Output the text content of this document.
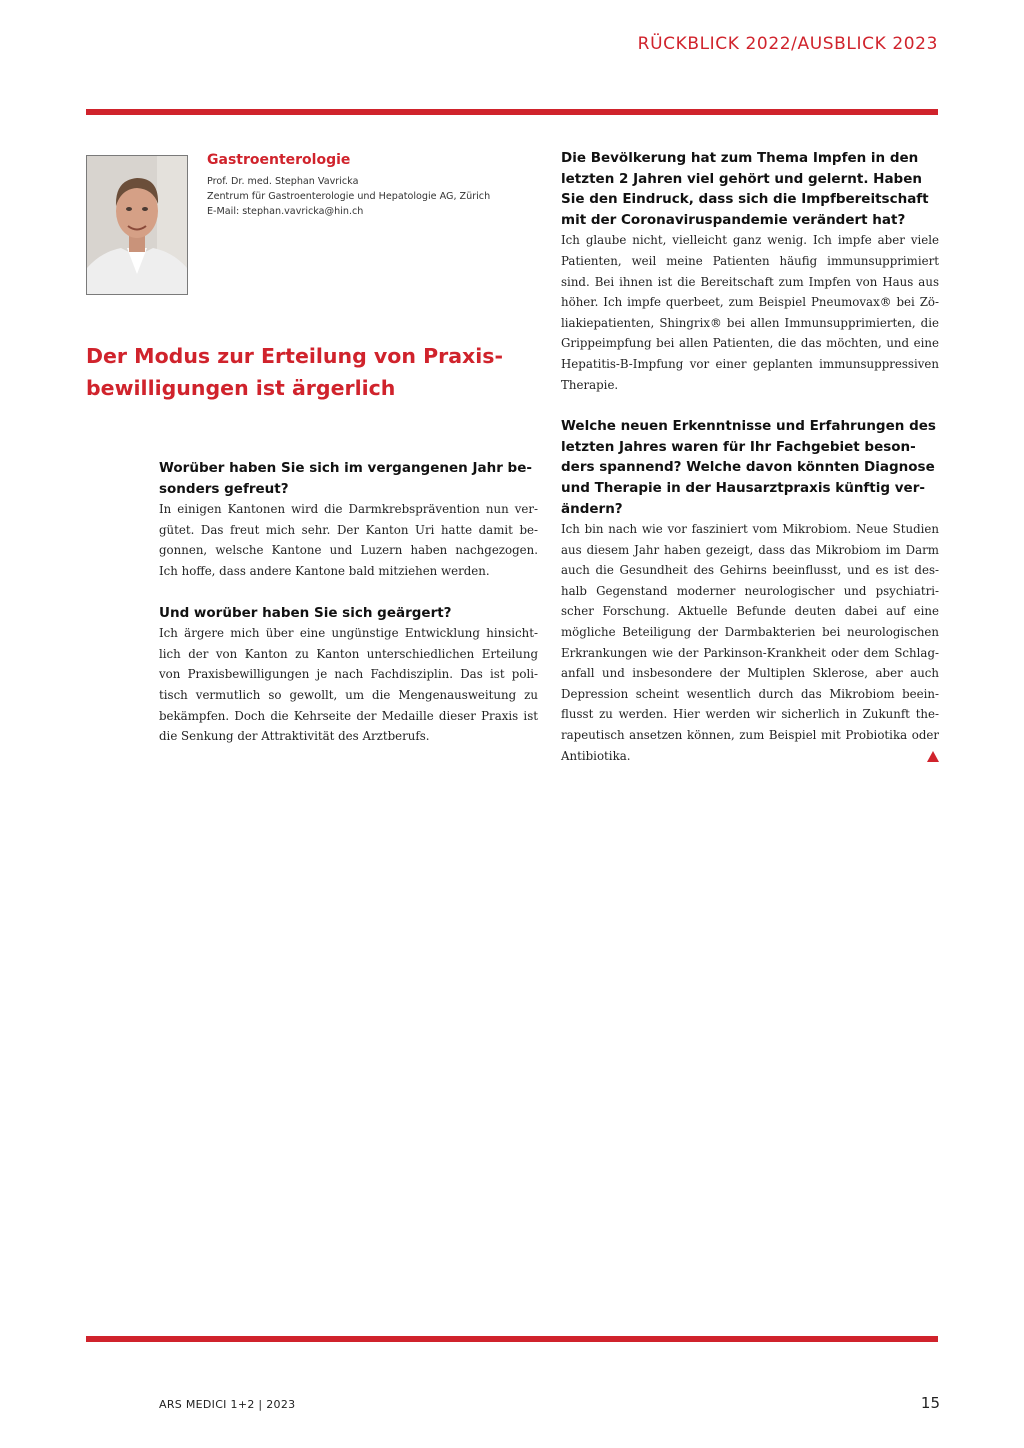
RÜCKBLICK 2022/AUSBLICK 2023

Gastroenterologie

Prof. Dr. med. Stephan Vavricka
Zentrum für Gastroenterologie und Hepatologie AG, Zürich
E-Mail: stephan.vavricka@hin.ch
Der Modus zur Erteilung von Praxis-
bewilligungen ist ärgerlich

Worüber haben Sie sich im vergangenen Jahr be-
sonders gefreut?

In einigen Kantonen wird die Darmkrebsprävention nun ver-
gütet. Das freut mich sehr. Der Kanton Uri hatte damit be-
gonnen, welsche Kantone und Luzern haben nachgezogen.
Ich hoffe, dass andere Kantone bald mitziehen werden.

Und worüber haben Sie sich geärgert?

Ich ärgere mich über eine ungünstige Entwicklung hinsicht-
lich der von Kanton zu Kanton unterschiedlichen Erteilung
von Praxisbewilligungen je nach Fachdisziplin. Das ist poli-
tisch vermutlich so gewollt, um die Mengenausweitung zu
bekämpfen. Doch die Kehrseite der Medaille dieser Praxis ist
die Senkung der Attraktivität des Arztberufs.

Die Bevölkerung hat zum Thema Impfen in den
letzten 2 Jahren viel gehört und gelernt. Haben
Sie den Eindruck, dass sich die Impfbereitschaft
mit der Coronaviruspandemie verändert hat?

Ich glaube nicht, vielleicht ganz wenig. Ich impfe aber viele
Patienten, weil meine Patienten häufig immunsupprimiert
sind. Bei ihnen ist die Bereitschaft zum Impfen von Haus aus
höher. Ich impfe querbeet, zum Beispiel Pneumovax® bei Zö-
liakiepatienten, Shingrix® bei allen Immunsupprimierten, die
Grippeimpfung bei allen Patienten, die das möchten, und eine
Hepatitis-B-Impfung vor einer geplanten immunsuppressiven
Therapie.

Welche neuen Erkenntnisse und Erfahrungen des
letzten Jahres waren für Ihr Fachgebiet beson-
ders spannend? Welche davon könnten Diagnose
und Therapie in der Hausarztpraxis künftig ver-
ändern?

Ich bin nach wie vor fasziniert vom Mikrobiom. Neue Studien
aus diesem Jahr haben gezeigt, dass das Mikrobiom im Darm
auch die Gesundheit des Gehirns beeinflusst, und es ist des-
halb Gegenstand moderner neurologischer und psychiatri-
scher Forschung. Aktuelle Befunde deuten dabei auf eine
mögliche Beteiligung der Darmbakterien bei neurologischen
Erkrankungen wie der Parkinson-Krankheit oder dem Schlag-
anfall und insbesondere der Multiplen Sklerose, aber auch
Depression scheint wesentlich durch das Mikrobiom beein-
flusst zu werden. Hier werden wir sicherlich in Zukunft the-
rapeutisch ansetzen können, zum Beispiel mit Probiotika oder
Antibiotika.

ARS MEDICI 1+2 | 2023	15
